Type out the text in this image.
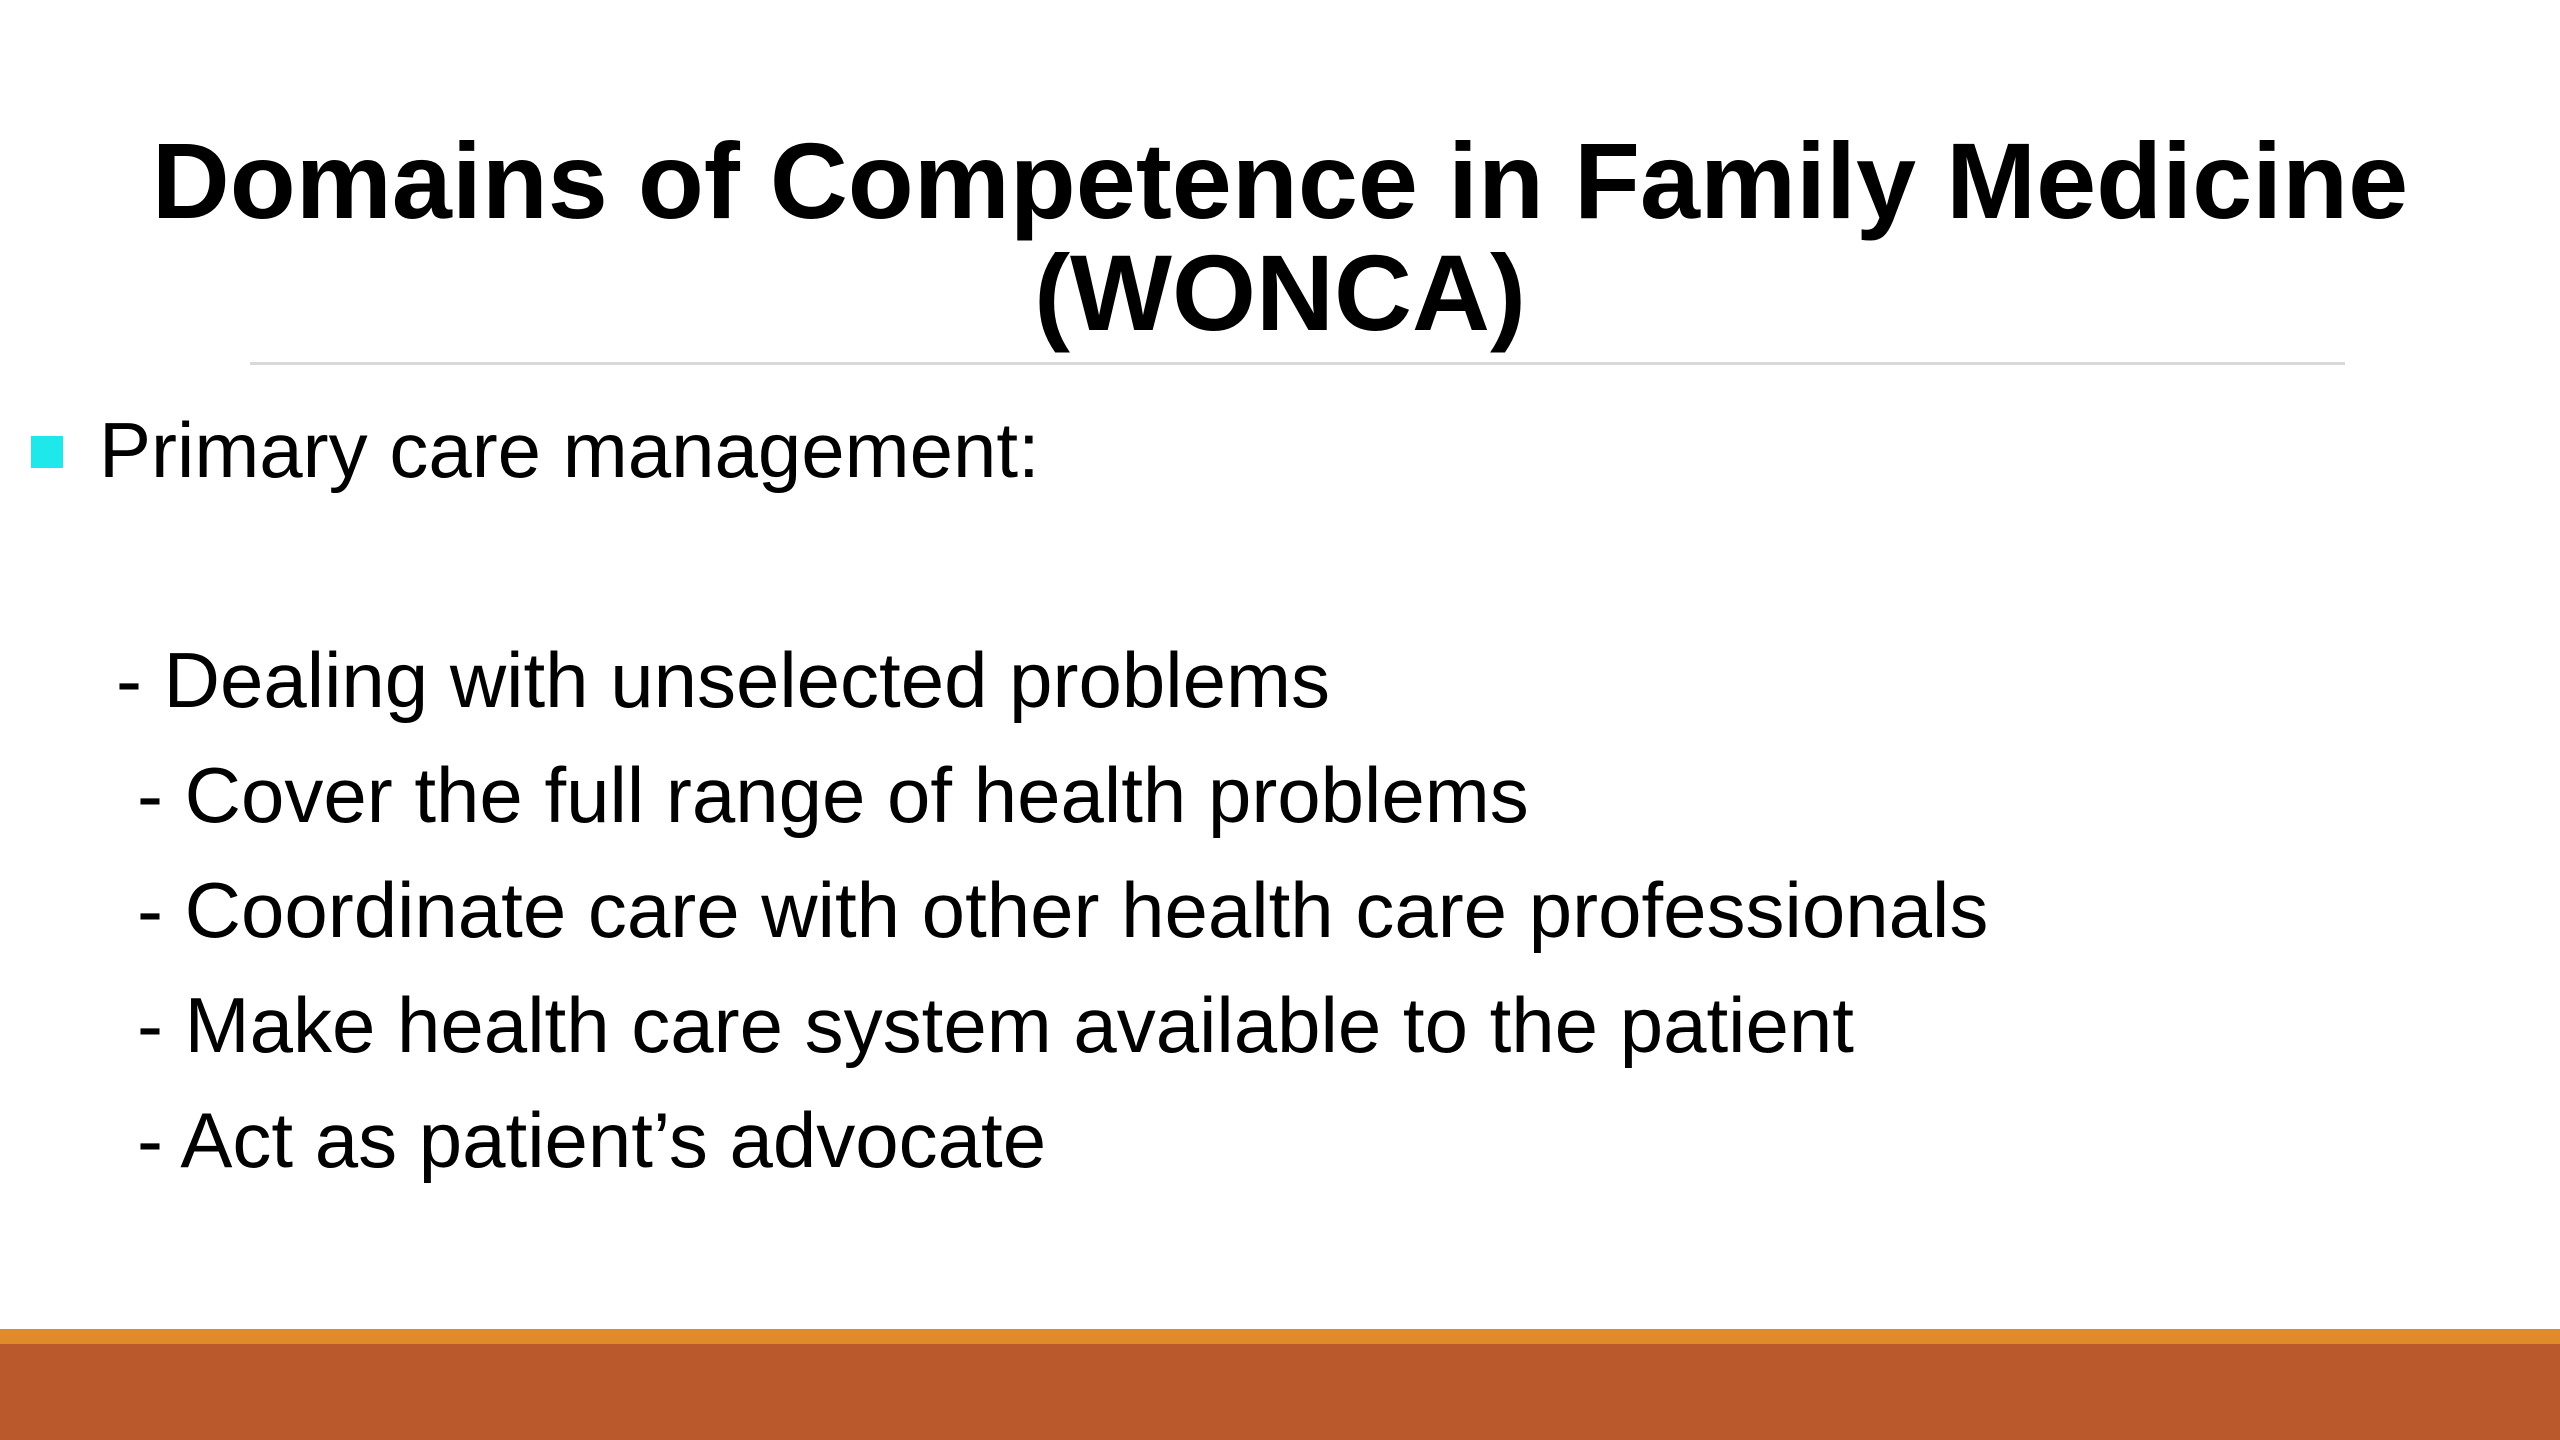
Domains of Competence in Family Medicine
(WONCA)
Primary care management:
- Dealing with unselected problems
- Cover the full range of health problems
- Coordinate care with other health care professionals
- Make health care system available to the patient
- Act as patient’s advocate
